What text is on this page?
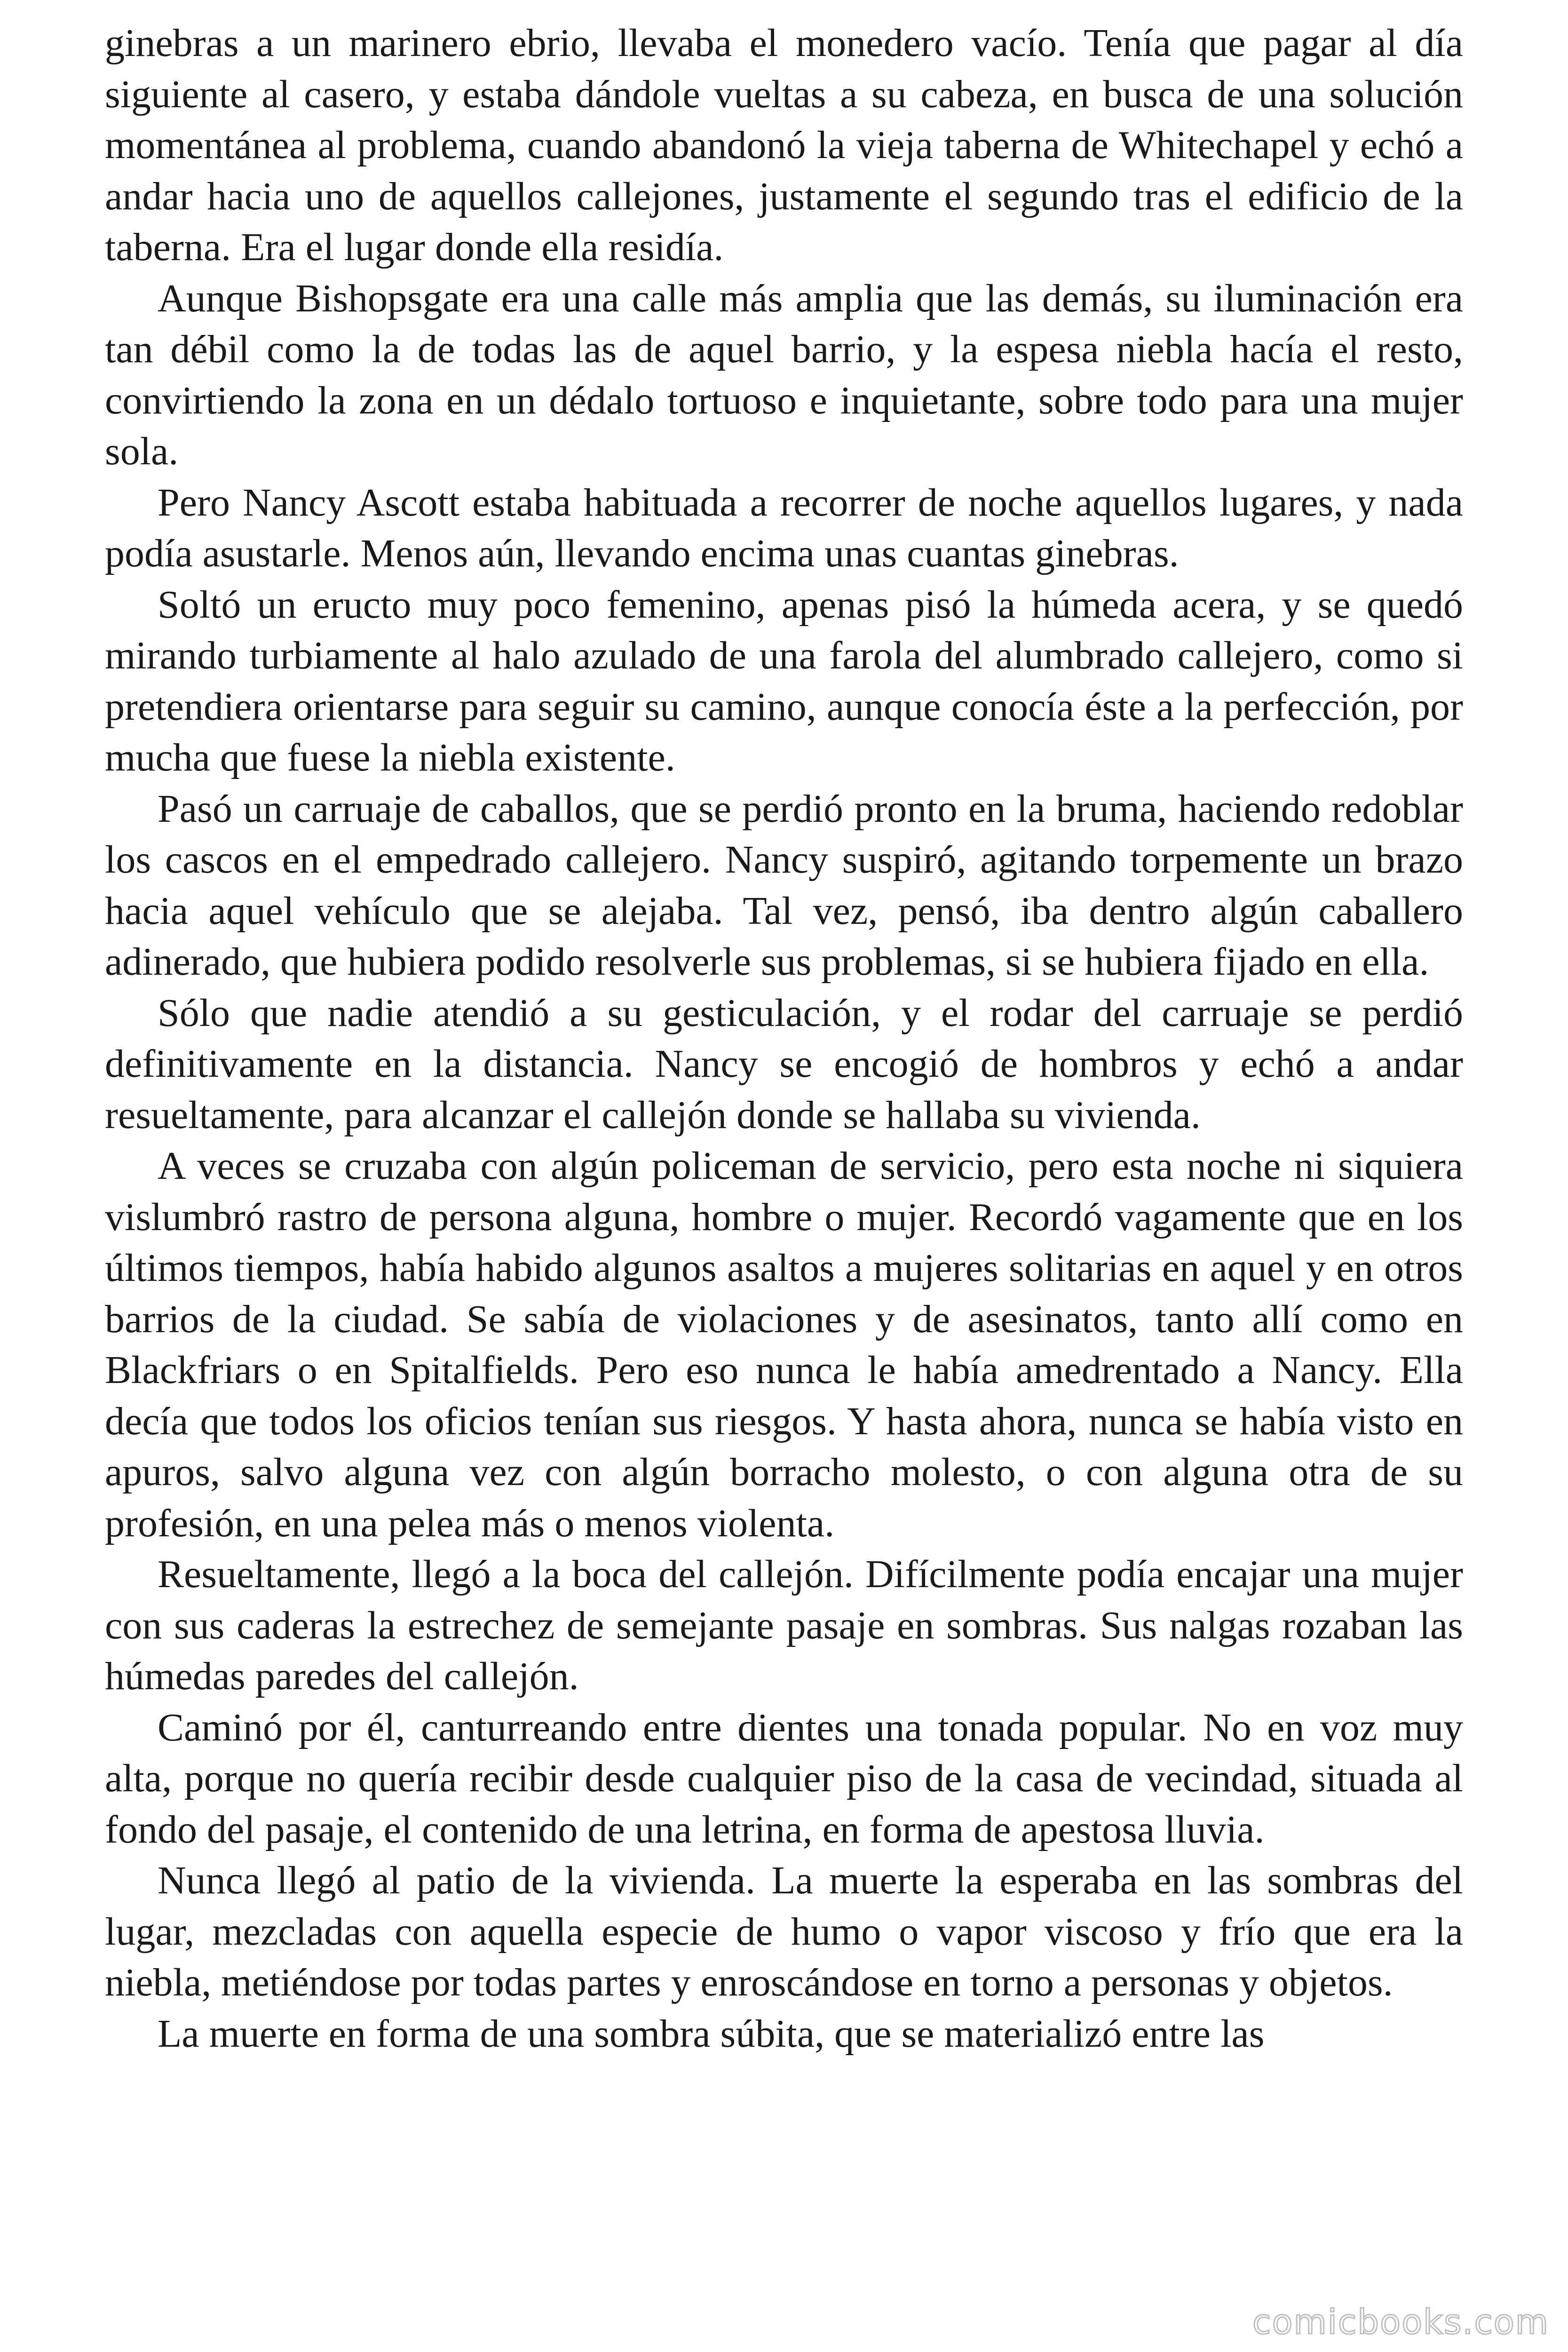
ginebras a un marinero ebrio, llevaba el monedero vacío. Tenía que pagar al día siguiente al casero, y estaba dándole vueltas a su cabeza, en busca de una solución momentánea al problema, cuando abandonó la vieja taberna de Whitechapel y echó a andar hacia uno de aquellos callejones, justamente el segundo tras el edificio de la taberna. Era el lugar donde ella residía.

Aunque Bishopsgate era una calle más amplia que las demás, su iluminación era tan débil como la de todas las de aquel barrio, y la espesa niebla hacía el resto, convirtiendo la zona en un dédalo tortuoso e inquietante, sobre todo para una mujer sola.

Pero Nancy Ascott estaba habituada a recorrer de noche aquellos lugares, y nada podía asustarle. Menos aún, llevando encima unas cuantas ginebras.

Soltó un eructo muy poco femenino, apenas pisó la húmeda acera, y se quedó mirando turbiamente al halo azulado de una farola del alumbrado callejero, como si pretendiera orientarse para seguir su camino, aunque conocía éste a la perfección, por mucha que fuese la niebla existente.

Pasó un carruaje de caballos, que se perdió pronto en la bruma, haciendo redoblar los cascos en el empedrado callejero. Nancy suspiró, agitando torpemente un brazo hacia aquel vehículo que se alejaba. Tal vez, pensó, iba dentro algún caballero adinerado, que hubiera podido resolverle sus problemas, si se hubiera fijado en ella.

Sólo que nadie atendió a su gesticulación, y el rodar del carruaje se perdió definitivamente en la distancia. Nancy se encogió de hombros y echó a andar resueltamente, para alcanzar el callejón donde se hallaba su vivienda.

A veces se cruzaba con algún policeman de servicio, pero esta noche ni siquiera vislumbró rastro de persona alguna, hombre o mujer. Recordó vagamente que en los últimos tiempos, había habido algunos asaltos a mujeres solitarias en aquel y en otros barrios de la ciudad. Se sabía de violaciones y de asesinatos, tanto allí como en Blackfriars o en Spitalfields. Pero eso nunca le había amedrentado a Nancy. Ella decía que todos los oficios tenían sus riesgos. Y hasta ahora, nunca se había visto en apuros, salvo alguna vez con algún borracho molesto, o con alguna otra de su profesión, en una pelea más o menos violenta.

Resueltamente, llegó a la boca del callejón. Difícilmente podía encajar una mujer con sus caderas la estrechez de semejante pasaje en sombras. Sus nalgas rozaban las húmedas paredes del callejón.

Caminó por él, canturreando entre dientes una tonada popular. No en voz muy alta, porque no quería recibir desde cualquier piso de la casa de vecindad, situada al fondo del pasaje, el contenido de una letrina, en forma de apestosa lluvia.

Nunca llegó al patio de la vivienda. La muerte la esperaba en las sombras del lugar, mezcladas con aquella especie de humo o vapor viscoso y frío que era la niebla, metiéndose por todas partes y enroscándose en torno a personas y objetos.

La muerte en forma de una sombra súbita, que se materializó entre las

comicbooks.com
